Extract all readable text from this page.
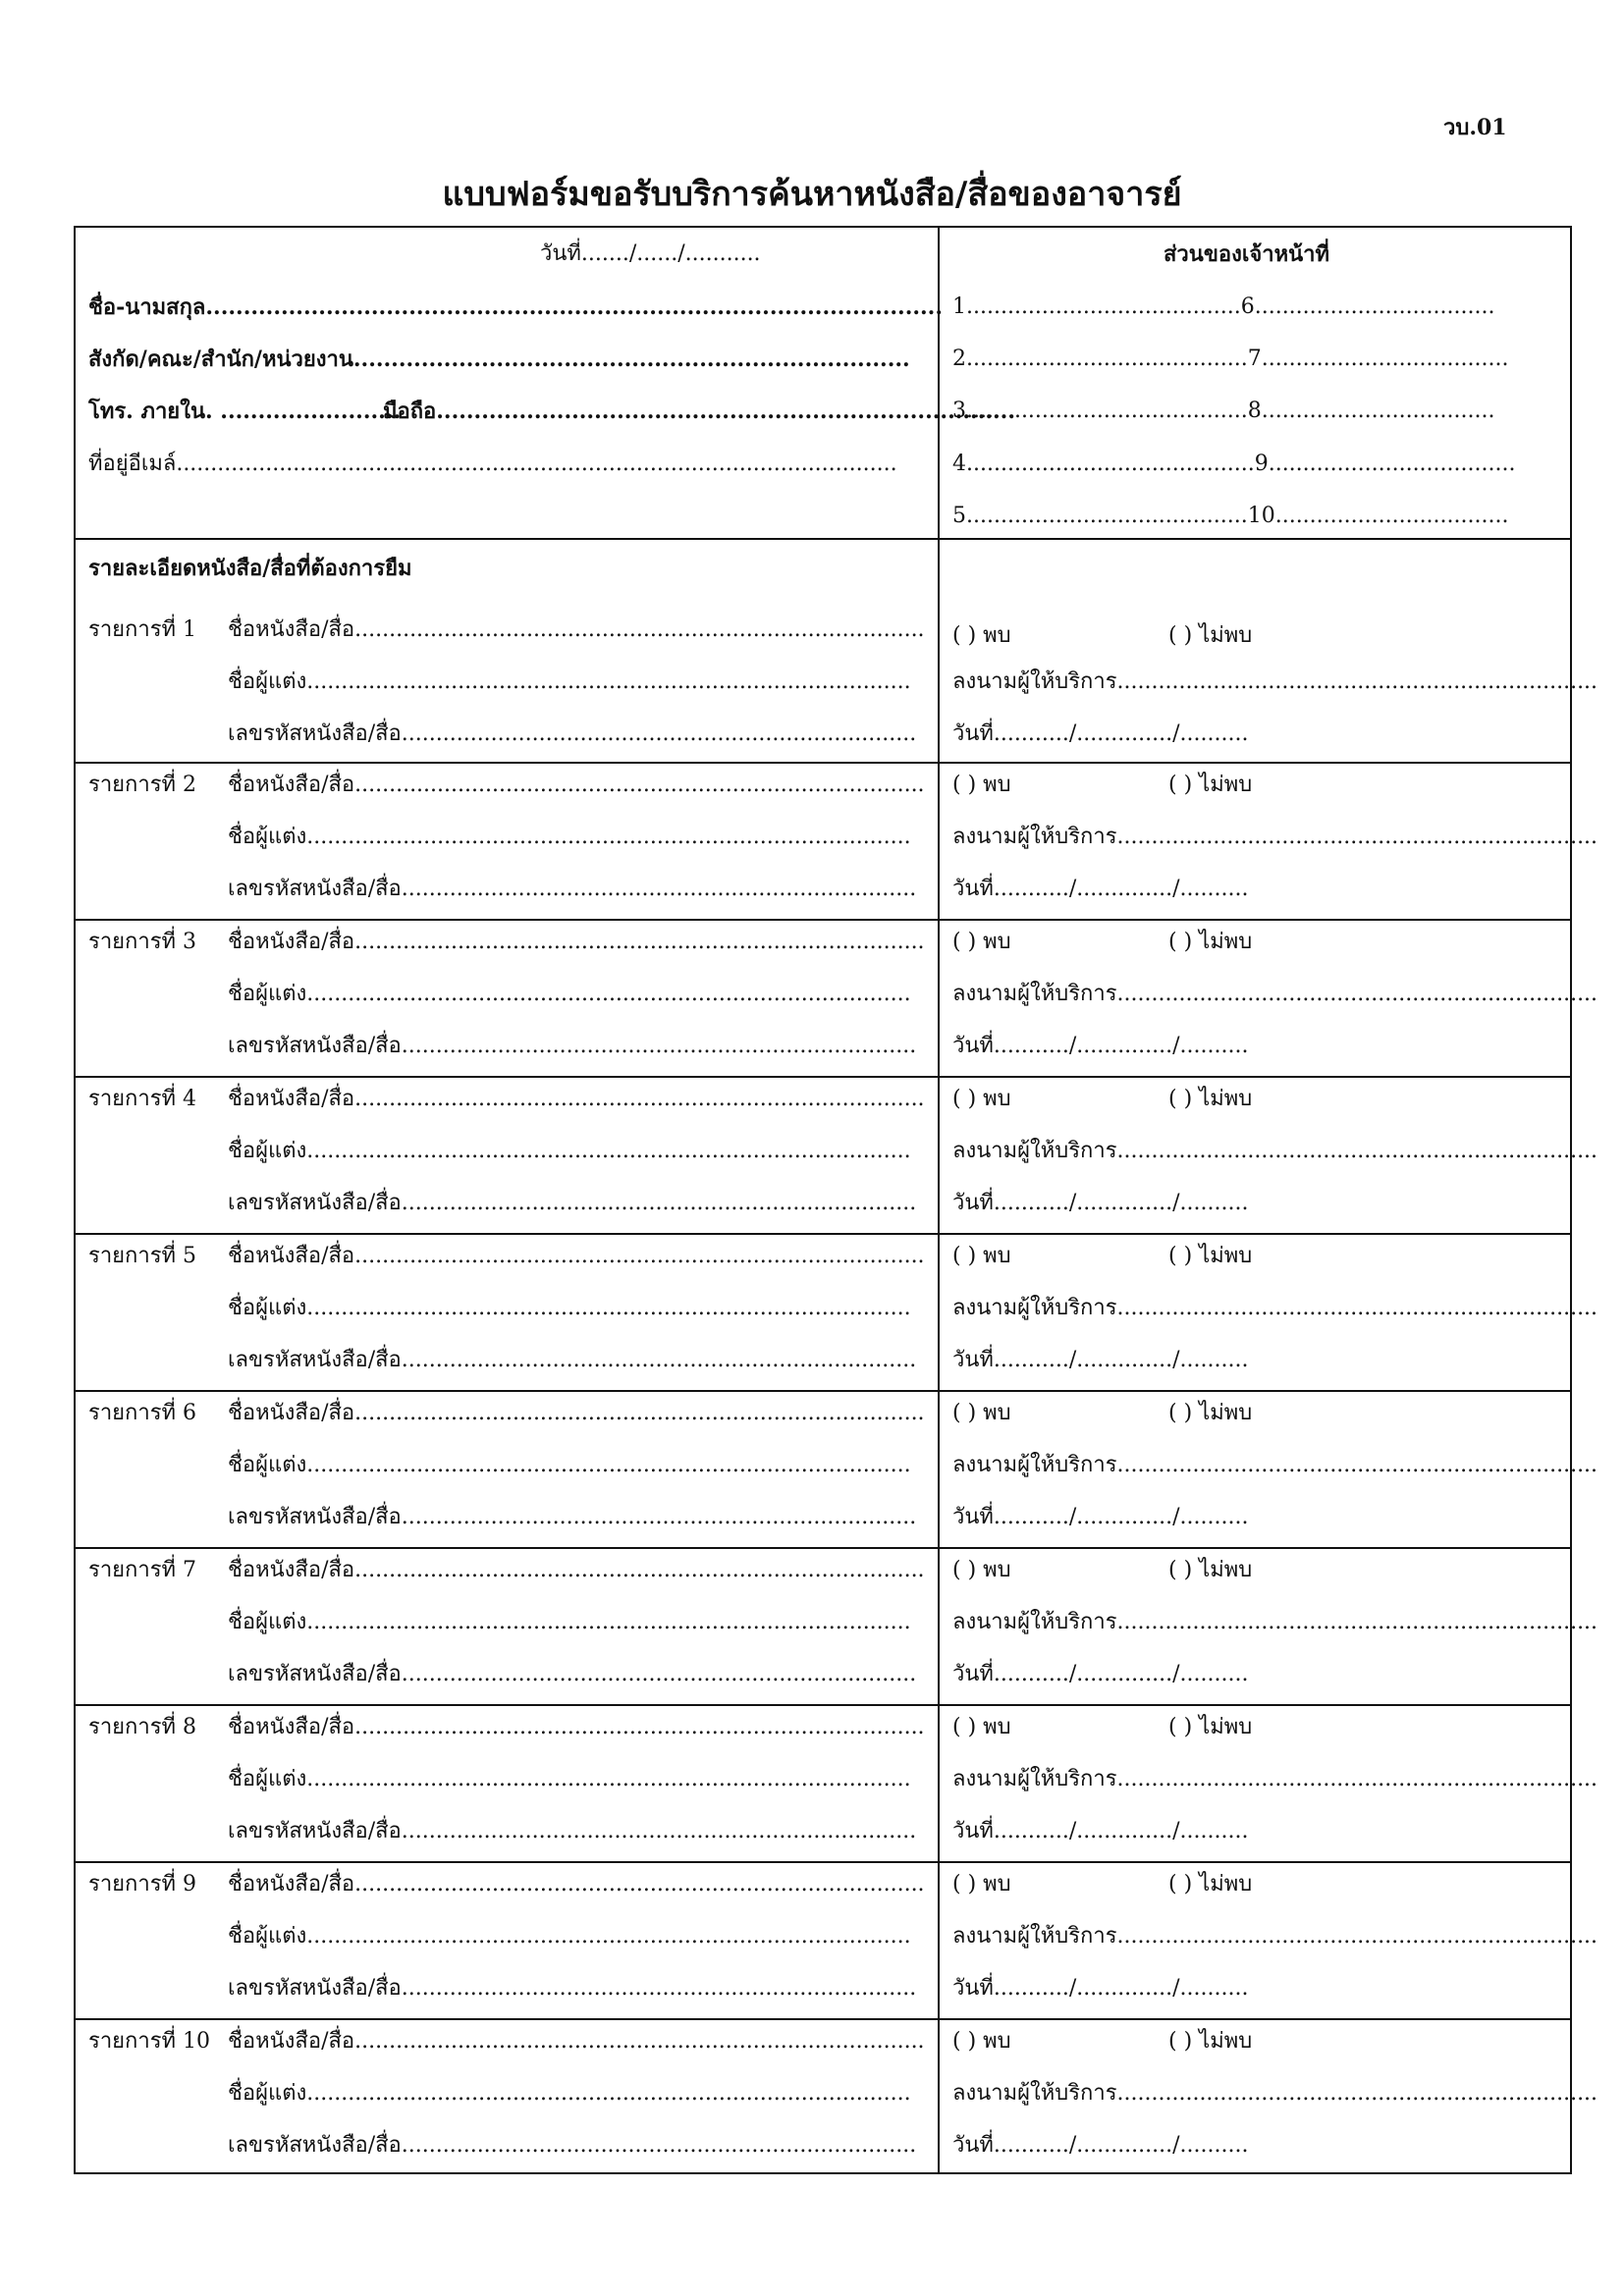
วบ.01
แบบฟอร์มขอรับบริการค้นหาหนังสือ/สื่อของอาจารย์
วันที่......./....../...........	ส่วนของเจ้าหน้าที่
ชื่อ-นามสกุล..................................................................................................
สังกัด/คณะ/สำนัก/หน่วยงาน..........................................................................
โทร. ภายใน. ........................
มือถือ.............................................................................
ที่อยู่อีเมล์.........................................................................................................
1........................................6...................................
2.........................................7....................................
3.........................................8..................................
4..........................................9....................................
5.........................................10..................................
รายละเอียดหนังสือ/สื่อที่ต้องการยืม
รายการที่ 1 ชื่อหนังสือ/สื่อ...................................................................................
ชื่อผู้แต่ง........................................................................................
เลขรหัสหนังสือ/สื่อ...........................................................................
( ) พบ	( ) ไม่พบ
ลงนามผู้ให้บริการ......................................................................
วันที่.........../............../..........
รายการที่ 2 ชื่อหนังสือ/สื่อ...................................................................................
ชื่อผู้แต่ง........................................................................................
เลขรหัสหนังสือ/สื่อ...........................................................................
( ) พบ	( ) ไม่พบ
ลงนามผู้ให้บริการ......................................................................
วันที่.........../............../..........
รายการที่ 3 ชื่อหนังสือ/สื่อ...................................................................................
ชื่อผู้แต่ง........................................................................................
เลขรหัสหนังสือ/สื่อ...........................................................................
( ) พบ	( ) ไม่พบ
ลงนามผู้ให้บริการ......................................................................
วันที่.........../............../..........
รายการที่ 4 ชื่อหนังสือ/สื่อ...................................................................................
ชื่อผู้แต่ง........................................................................................
เลขรหัสหนังสือ/สื่อ...........................................................................
( ) พบ	( ) ไม่พบ
ลงนามผู้ให้บริการ......................................................................
วันที่.........../............../..........
รายการที่ 5 ชื่อหนังสือ/สื่อ...................................................................................
ชื่อผู้แต่ง........................................................................................
เลขรหัสหนังสือ/สื่อ...........................................................................
( ) พบ	( ) ไม่พบ
ลงนามผู้ให้บริการ......................................................................
วันที่.........../............../..........
รายการที่ 6 ชื่อหนังสือ/สื่อ...................................................................................
ชื่อผู้แต่ง........................................................................................
เลขรหัสหนังสือ/สื่อ...........................................................................
( ) พบ	( ) ไม่พบ
ลงนามผู้ให้บริการ......................................................................
วันที่.........../............../..........
รายการที่ 7 ชื่อหนังสือ/สื่อ...................................................................................
ชื่อผู้แต่ง........................................................................................
เลขรหัสหนังสือ/สื่อ...........................................................................
( ) พบ	( ) ไม่พบ
ลงนามผู้ให้บริการ......................................................................
วันที่.........../............../..........
รายการที่ 8 ชื่อหนังสือ/สื่อ...................................................................................
ชื่อผู้แต่ง........................................................................................
เลขรหัสหนังสือ/สื่อ...........................................................................
( ) พบ	( ) ไม่พบ
ลงนามผู้ให้บริการ......................................................................
วันที่.........../............../..........
รายการที่ 9 ชื่อหนังสือ/สื่อ...................................................................................
ชื่อผู้แต่ง........................................................................................
เลขรหัสหนังสือ/สื่อ...........................................................................
( ) พบ	( ) ไม่พบ
ลงนามผู้ให้บริการ......................................................................
วันที่.........../............../..........
รายการที่ 10 ชื่อหนังสือ/สื่อ...................................................................................
ชื่อผู้แต่ง........................................................................................
เลขรหัสหนังสือ/สื่อ...........................................................................
( ) พบ	( ) ไม่พบ
ลงนามผู้ให้บริการ......................................................................
วันที่.........../............../..........
